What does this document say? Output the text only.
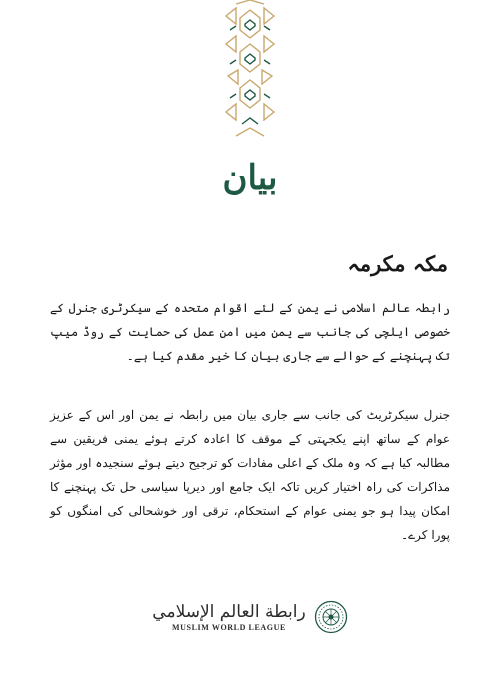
بیان
مکہ مکرمہ

رابطہ عالم اسلامی نے یمن کے لئے اقوام متحدہ کے سیکرٹری جنرل کے خصوصی ایلچی کی جانب سے یمن میں امن عمل کی حمایت کے روڈ میپ تک پہنچنے کے حوالے سے جاری بیان کا خیر مقدم کیا ہے۔

جنرل سیکرٹریٹ کی جانب سے جاری بیان میں رابطہ نے یمن اور اس کے عزیز عوام کے ساتھ اپنے یکجہتی کے موقف کا اعادہ کرتے ہوئے یمنی فریقین سے مطالبہ کیا ہے کہ وہ ملک کے اعلی مفادات کو ترجیح دیتے ہوئے سنجیدہ اور مؤثر مذاکرات کی راہ اختیار کریں تاکہ ایک جامع اور دیرپا سیاسی حل تک پہنچنے کا امکان پیدا ہو جو یمنی عوام کے استحکام، ترقی اور خوشحالی کی امنگوں کو پورا کرے۔

رابطة العالم الإسلامي
MUSLIM WORLD LEAGUE
